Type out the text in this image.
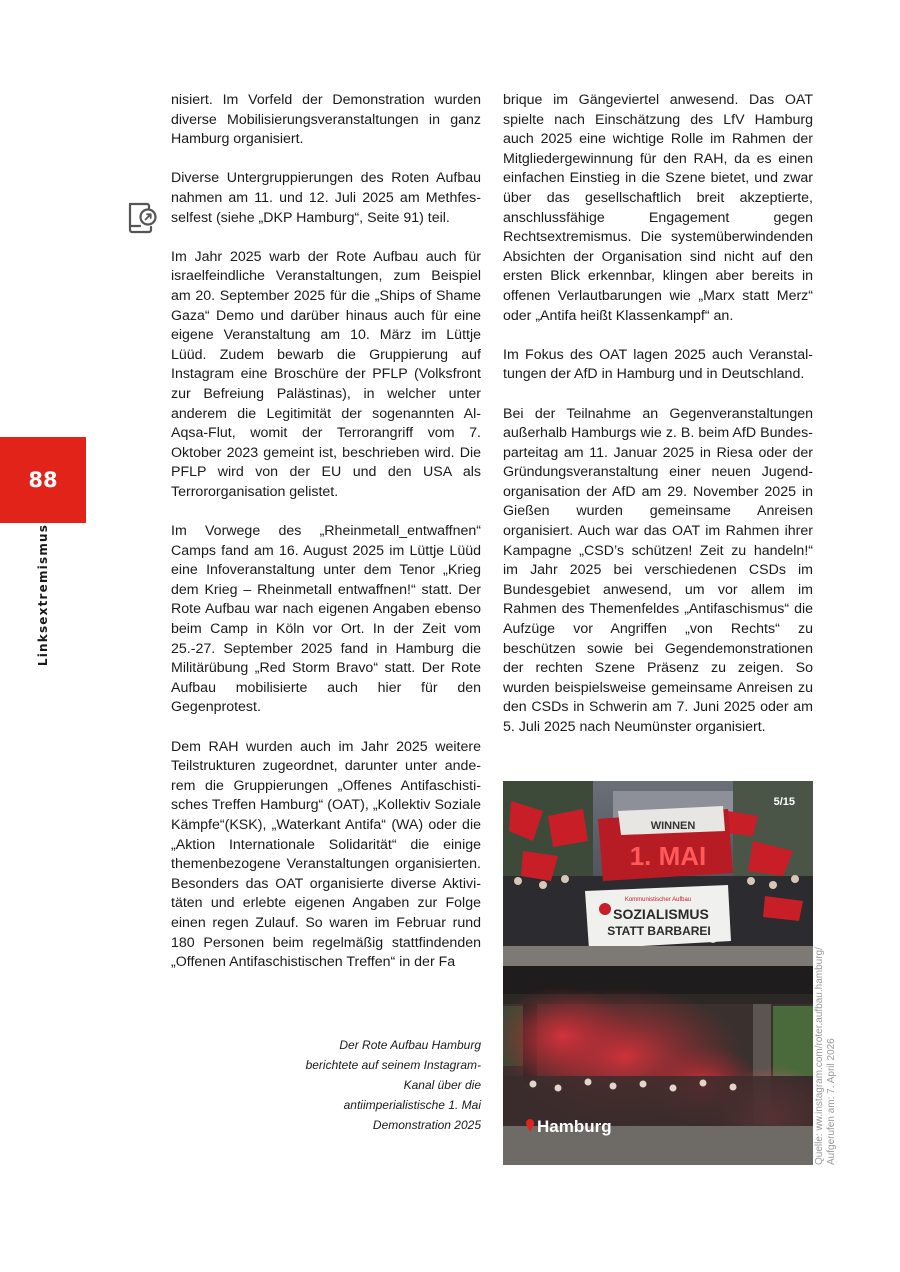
88
Linksextremismus

nisiert. Im Vorfeld der Demonstration wurden diverse Mobilisierungsveranstaltungen in ganz Hamburg organisiert.

Diverse Untergruppierungen des Roten Aufbau nahmen am 11. und 12. Juli 2025 am Methfesselfest (siehe „DKP Hamburg“, Seite 91) teil.

Im Jahr 2025 warb der Rote Aufbau auch für israelfeindliche Veranstaltungen, zum Beispiel am 20. September 2025 für die „Ships of Shame Gaza“ Demo und darüber hinaus auch für eine eigene Veranstaltung am 10. März im Lüttje Lüüd. Zudem bewarb die Gruppierung auf Instagram eine Broschüre der PFLP (Volksfront zur Befreiung Palästinas), in welcher unter anderem die Legitimität der sogenannten Al-Aqsa-Flut, womit der Terrorangriff vom 7. Oktober 2023 gemeint ist, beschrieben wird. Die PFLP wird von der EU und den USA als Terrororganisation gelistet.

Im Vorwege des „Rheinmetall_entwaffnen“ Camps fand am 16. August 2025 im Lüttje Lüüd eine Infoveranstaltung unter dem Tenor „Krieg dem Krieg – Rheinmetall entwaffnen!“ statt. Der Rote Aufbau war nach eigenen Angaben ebenso beim Camp in Köln vor Ort. In der Zeit vom 25.-27. September 2025 fand in Hamburg die Militärübung „Red Storm Bravo“ statt. Der Rote Aufbau mobilisierte auch hier für den Gegenprotest.

Dem RAH wurden auch im Jahr 2025 weitere Teilstrukturen zugeordnet, darunter unter anderem die Gruppierungen „Offenes Antifaschistisches Treffen Hamburg“ (OAT), „Kollektiv Soziale Kämpfe“(KSK), „Waterkant Antifa“ (WA) oder die „Aktion Internationale Solidarität“ die einige themenbezogene Veranstaltungen organisierten. Besonders das OAT organisierte diverse Aktivitäten und erlebte eigenen Angaben zur Folge einen regen Zulauf. So waren im Februar rund 180 Personen beim regelmäßig stattfindenden „Offenen Antifaschistischen Treffen“ in der Fa

brique im Gängeviertel anwesend. Das OAT spielte nach Einschätzung des LfV Hamburg auch 2025 eine wichtige Rolle im Rahmen der Mitgliedergewinnung für den RAH, da es einen einfachen Einstieg in die Szene bietet, und zwar über das gesellschaftlich breit akzeptierte, anschlussfähige Engagement gegen Rechtsextremismus. Die systemüberwindenden Absichten der Organisation sind nicht auf den ersten Blick erkennbar, klingen aber bereits in offenen Verlautbarungen wie „Marx statt Merz“ oder „Antifa heißt Klassenkampf“ an.

Im Fokus des OAT lagen 2025 auch Veranstaltungen der AfD in Hamburg und in Deutschland.

Bei der Teilnahme an Gegenveranstaltungen außerhalb Hamburgs wie z. B. beim AfD Bundesparteitag am 11. Januar 2025 in Riesa oder der Gründungsveranstaltung einer neuen Jugendorganisation der AfD am 29. November 2025 in Gießen wurden gemeinsame Anreisen organisiert. Auch war das OAT im Rahmen ihrer Kampagne „CSD’s schützen! Zeit zu handeln!“ im Jahr 2025 bei verschiedenen CSDs im Bundesgebiet anwesend, um vor allem im Rahmen des Themenfeldes „Antifaschismus“ die Aufzüge vor Angriffen „von Rechts“ zu beschützen sowie bei Gegendemonstrationen der rechten Szene Präsenz zu zeigen. So wurden beispielsweise gemeinsame Anreisen zu den CSDs in Schwerin am 7. Juni 2025 oder am 5. Juli 2025 nach Neumünster organisiert.

WINNEN
1. MAI
Kommunistischer Aufbau
SOZIALISMUS
STATT BARBAREI
5/15
Hamburg
Der Rote Aufbau Hamburg berichtete auf seinem Instagram-Kanal über die antiimperialistische 1. Mai Demonstration 2025	Quelle: ww.instagram.com/roter.aufbau.hamburg/ Aufgerufen am: 7. April 2026
